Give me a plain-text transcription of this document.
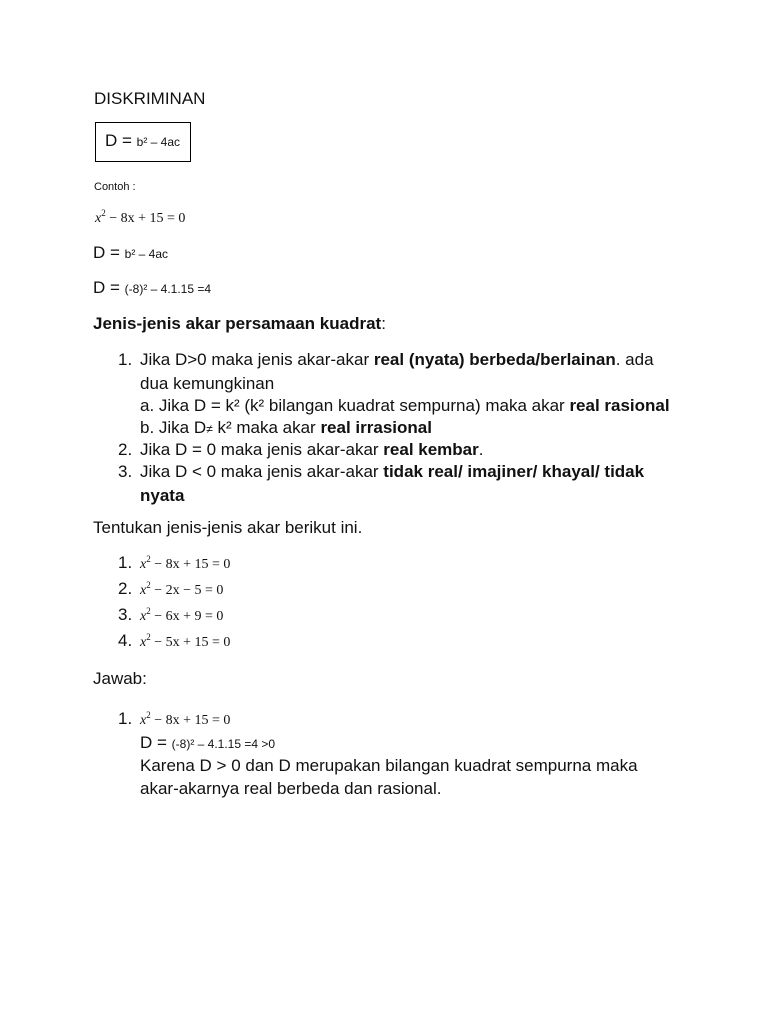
DISKRIMINAN
D = b² – 4ac
Contoh :
$x^2 - 8x + 15 = 0$
D = b² – 4ac
D = (-8)² – 4.1.15 =4
Jenis-jenis akar persamaan kuadrat:
1. Jika D>0 maka jenis akar-akar real (nyata) berbeda/berlainan. ada
dua kemungkinan
a. Jika D = k² (k² bilangan kuadrat sempurna) maka akar real rasional
b. Jika D≠ k² maka akar real irrasional
2. Jika D = 0 maka jenis akar-akar real kembar.
3. Jika D < 0 maka jenis akar-akar tidak real/ imajiner/ khayal/ tidak
nyata
Tentukan jenis-jenis akar berikut ini.
1. $x^2 - 8x + 15 = 0$
2. $x^2 - 2x - 5 = 0$
3. $x^2 - 6x + 9 = 0$
4. $x^2 - 5x + 15 = 0$
Jawab:
1. $x^2 - 8x + 15 = 0$
D = (-8)² – 4.1.15 =4 >0
Karena D > 0 dan D merupakan bilangan kuadrat sempurna maka
akar-akarnya real berbeda dan rasional.
